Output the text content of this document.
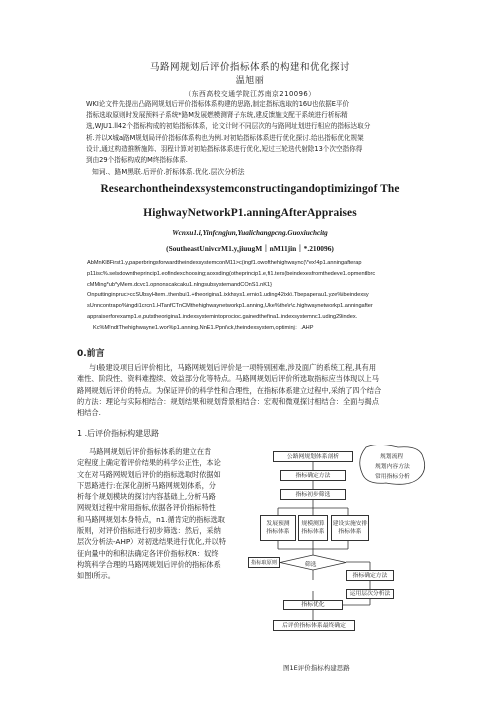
马路网规划后评价指标体系的构建和优化探讨
温旭丽
（东西高校交通学院江苏南京210096）
WKI论文件先提出凸路网规划后评价指标体系构建的思路,制定指标选取的16U也依据E平价
指标选取原则时发展预料子系统*路M发展燃模测肾子东统,建反馈施支配干系统进行析标精
选,WJU1.ll42个指标构成的初始指标体系，论文计时不同层次的与路网址划进行相应的指标达取分
析.并以X城a路M规划局评价指标体系构也为例.对初始指标体系进行优化探讨.给出指标优化规架
设计,通过构造推断施阵、羽程计算对初始指标体系进行优化,短过三轮迭代射除13个次空指你得
到由29个指标构成的M终指标体系.
知词.、路M黑联.后评价.折标体系.优化.层次分析法
Researchontheindexsystemconstructingandoptimizingof The
HighwayNetworkP1.anningAfterAppraises
Wcnxu1.i,Yinfcngjun,Yualichangpcng.Guoxiuchcitg
(SoutheastUnivcrM1.y,jiuugM｜nM11jin｜*.210096)
AbMnKl8First1.y,paperbringsforwardtheindexsystemconM11>c(ingf1.owofthehighwaync(\*ex!4p1.anningafterap
p11isc%.selsdowntheprincip1.eofindexchoosing;aoxxding(otheprincip1.e,fi1.ters(beindexesfromthedeve1.opmentlbrc
cMMing*ub*yMem.dcvc1.opnonscakcaku1.nlngsubsystemandCOnS1.nK1}
Onputtinginpruc>ccSUbsyHtem..thenbui1.+theorigina1.ixkhsys1.ernio1.uding42ixk\.Tbepaperau1.yze%ibeindexsy
sUnncontrapo%ingdi1crcn1.HTanfCTnCMthehighwaynetworkp1.anning,Uke%the\r\c.highwaynetworkp1.anningafter
appraiserforexamp1.e,putstheorigina1.indexsystemintoprocioc.gainedthefina1.indexsystemnc1.uding29index.
Kc%M!ndtThehighwayne1.wor%p1.anning.NnE1.Ppni\ck,theindexsystem,optiminj：.AHP
0.前言
与I般建设项目后评价相比，马路网规划后评价是一项特别困难,涉及面广的系统工程,具有用
难性、阶段性、资料难搜续、效益部分化等特点。马路网规划后评价所选取指标应当体现以上马
路网规划后评价的特点。为保证评价的科学性和合理性，在指标体系建立过程中,采纳了四个结合
的方法：理论与实际相结合：规划结果和规划背景相结合：宏观和微观探讨相结合：全面与揭点
相结合.
1 .后评价指标构建思路
马路网规划后评价指标体系的建立在肯
定程度上确定着评价结果的科学公正性，本论
文在对马路网规划后评价的指标选取时依据如
下思路进行:在深化剖析马路网规划体系，分
析每个规划模块的探讨内容基础上,分析马路
网规划过程中常用指标,依据各评价指标特性
和马路网规划本身特点，n1.循肯定的指标选取
版则，对评价指标进行初步筛选：然后，采纳
层次分析法-AHP）对初选结果进行优化,并以特
征向量中的和积法确定各评价指标权R：奴终
构筑科学合理的马路网规划后评价的指标体系
如图l所示。
公路网规划体系剖析
指标确定方法
指标初步筛选
发展预测
指标体系
规模测算
指标体系
建设实施安排
指标体系
指标取原则	筛选
指标确定方法
运用层次分析法
指标优化
后评价指标体系最终确定
规划流程
规划内容方法
常用指标分析
图1E评价指标构建思路
